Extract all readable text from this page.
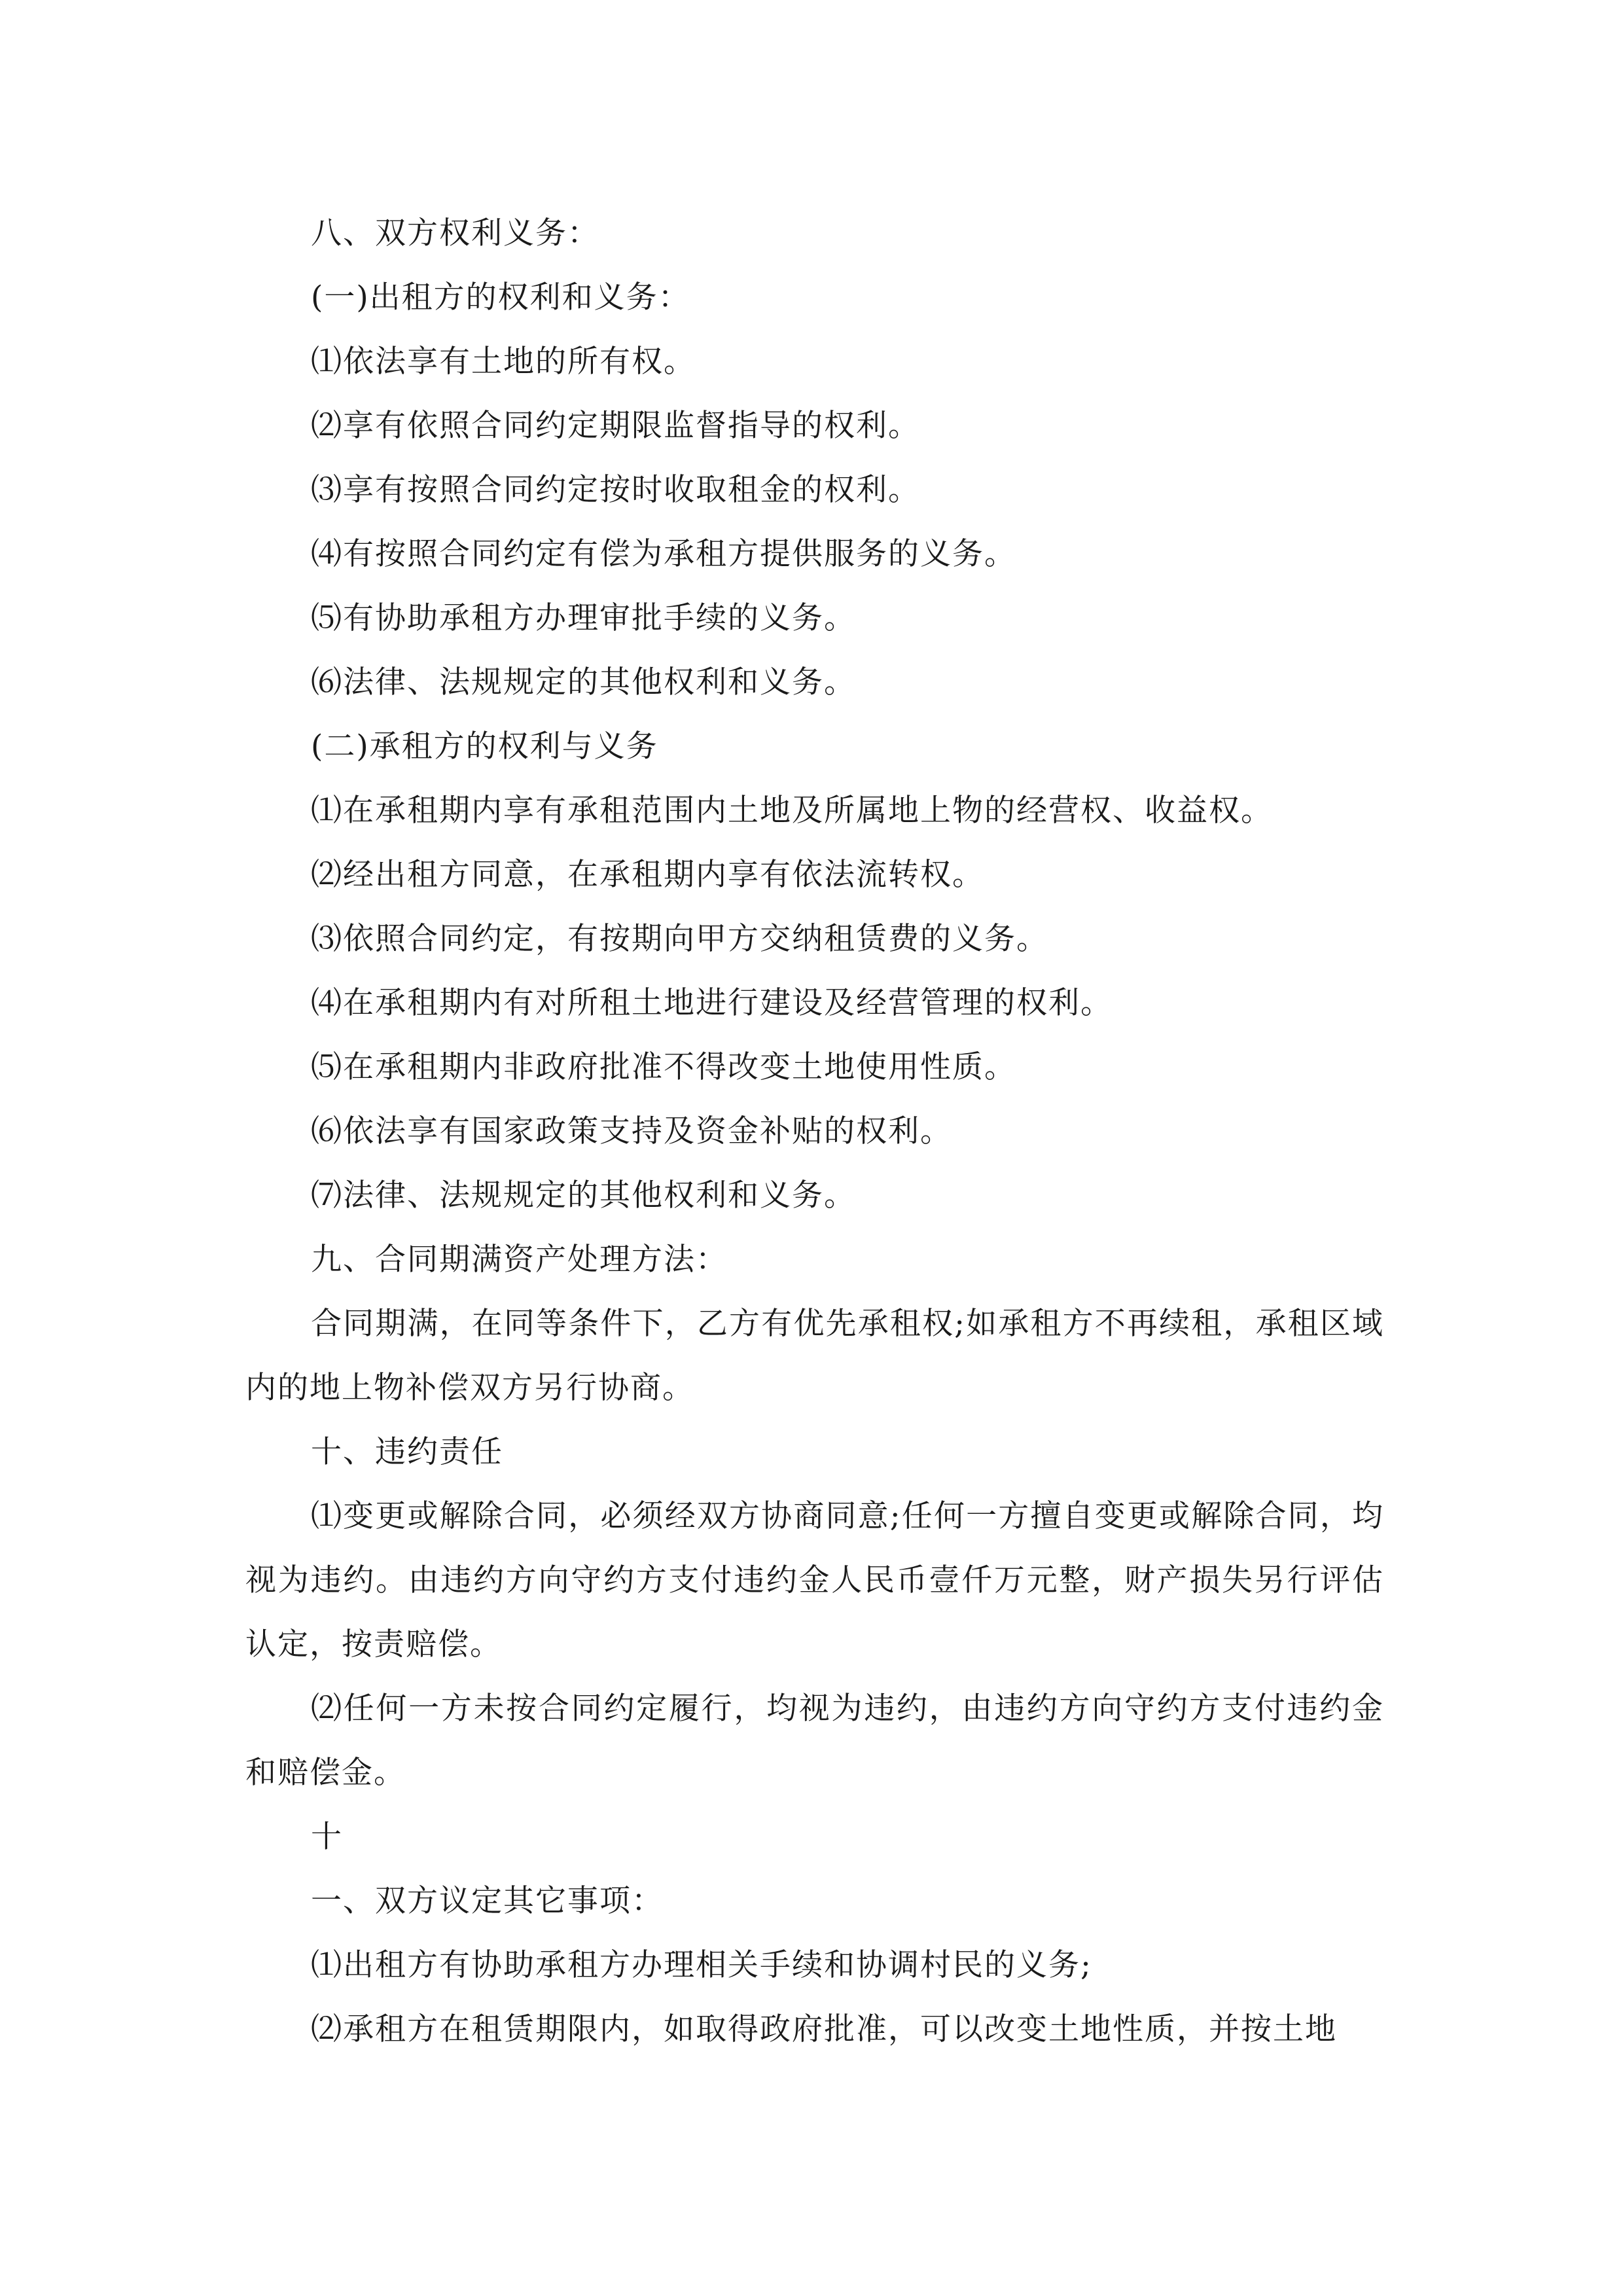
八、双方权利义务：

(一)出租方的权利和义务：

⑴依法享有土地的所有权。

⑵享有依照合同约定期限监督指导的权利。

⑶享有按照合同约定按时收取租金的权利。

⑷有按照合同约定有偿为承租方提供服务的义务。

⑸有协助承租方办理审批手续的义务。

⑹法律、法规规定的其他权利和义务。

(二)承租方的权利与义务

⑴在承租期内享有承租范围内土地及所属地上物的经营权、收益权。

⑵经出租方同意，在承租期内享有依法流转权。

⑶依照合同约定，有按期向甲方交纳租赁费的义务。

⑷在承租期内有对所租土地进行建设及经营管理的权利。

⑸在承租期内非政府批准不得改变土地使用性质。

⑹依法享有国家政策支持及资金补贴的权利。

⑺法律、法规规定的其他权利和义务。

九、合同期满资产处理方法：

合同期满，在同等条件下，乙方有优先承租权;如承租方不再续租，承租区域内的地上物补偿双方另行协商。

十、违约责任

⑴变更或解除合同，必须经双方协商同意;任何一方擅自变更或解除合同，均视为违约。由违约方向守约方支付违约金人民币壹仟万元整，财产损失另行评估认定，按责赔偿。

⑵任何一方未按合同约定履行，均视为违约，由违约方向守约方支付违约金和赔偿金。

十

一、双方议定其它事项：

⑴出租方有协助承租方办理相关手续和协调村民的义务;

⑵承租方在租赁期限内，如取得政府批准，可以改变土地性质，并按土地
